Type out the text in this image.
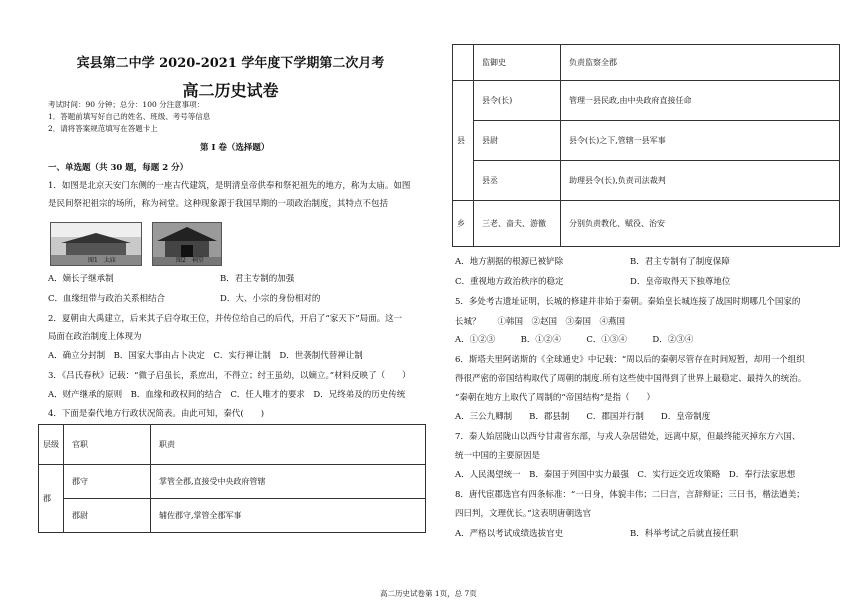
宾县第二中学 2020-2021 学年度下学期第二次月考
高二历史试卷
考试时间：90 分钟；总分：100 分注意事项：
1．答题前填写好自己的姓名、班级、考号等信息
2．请将答案规范填写在答题卡上
第 I 卷（选择题）
一、单选题（共 30 题，每题 2 分）
1．如图是北京天安门东侧的一座古代建筑，是明清皇帝供奉和祭祀祖先的地方，称为太庙。如图
是民间祭祀祖宗的场所，称为祠堂。这种现象源于我国早期的一项政治制度，其特点不包括
图1　太庙	图2　祠堂
A．嫡长子继承制	B．君主专制的加强
C．血缘纽带与政治关系相结合	D．大、小宗的身份相对的
2．夏朝由大禹建立，后来其子启夺取王位，并传位给自己的后代，开启了“家天下”局面。这一
局面在政治制度上体现为
A．确立分封制　B．国家大事由占卜决定　C．实行禅让制　D．世袭制代替禅让制
3．《吕氏春秋》记载：“微子启虽长，系庶出，不得立；纣王虽幼，以嫡立。”材料反映了（　　）
A．财产继承的原则　B．血缘和政权间的结合　C．任人唯才的要求　D．兄终弟及的历史传统
4．下面是秦代地方行政状况简表。由此可知，秦代(　　)
层级	官职	职责
郡	郡守	掌管全郡,直接受中央政府管辖
	郡尉	辅佐郡守,掌管全郡军事
	监御史	负责监察全郡
县	县令(长)	管理一县民政,由中央政府直接任命
	县尉	县令(长)之下,管辖一县军事
	县丞	助理县令(长),负责司法裁判
乡	三老、啬夫、游徼	分别负责教化、赋役、治安
A．地方割据的根源已被铲除	B．君主专制有了制度保障
C．重视地方政治秩序的稳定	D．皇帝取得天下独尊地位
5．多处考古遗址证明，长城的修建并非始于秦朝。秦始皇长城连接了战国时期哪几个国家的
长城？　　①韩国　②赵国　③秦国　④燕国
A．①②③　　　B．①②④　　　C．①③④　　　D．②③④
6．斯塔夫里阿诺斯的《全球通史》中记载：“周以后的秦朝尽管存在时间短暂，却用一个组织
得很严密的帝国结构取代了周朝的制度.所有这些使中国得到了世界上最稳定、最持久的统治。
”秦朝在地方上取代了周制的“帝国结构”是指（　　）
A．三公九卿制　　B．郡县制　　C．郡国并行制　　D．皇帝制度
7．秦人始居陇山以西兮甘肃省东部，与戎人杂居错处，远离中原，但最终能灭掉东方六国、
统一中国的主要原因是
A．人民渴望统一　B．秦国于列国中实力最强　C．实行远交近攻策略　D．奉行法家思想
8．唐代宦郡选官有四条标准：“一曰身，体貌丰伟；二曰言，言辞辩证；三曰书，楷法遒美；
四曰判，文理优长。”这表明唐朝选官
A．严格以考试成绩选拔官史	B．科举考试之后就直接任职
高二历史试卷第 1页，总 7页
